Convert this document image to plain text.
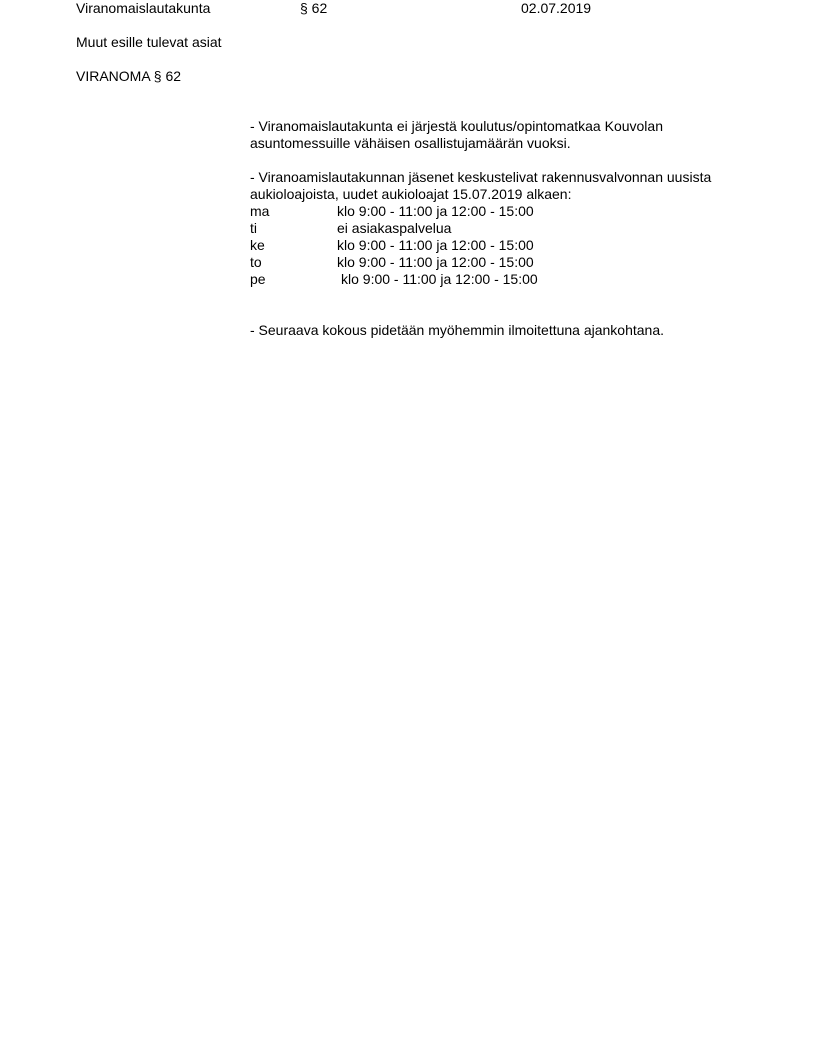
Viranomaislautakunta	§ 62	02.07.2019
Muut esille tulevat asiat
VIRANOMA § 62
- Viranomaislautakunta ei järjestä koulutus/opintomatkaa Kouvolan
asuntomessuille vähäisen osallistujamäärän vuoksi.
- Viranoamislautakunnan jäsenet keskustelivat rakennusvalvonnan uusista
aukioloajoista, uudet aukioloajat 15.07.2019 alkaen:
ma	klo 9:00 - 11:00 ja 12:00 - 15:00
ti	ei asiakaspalvelua
ke	klo 9:00 - 11:00 ja 12:00 - 15:00
to	klo 9:00 - 11:00 ja 12:00 - 15:00
pe	klo 9:00 - 11:00 ja 12:00 - 15:00
- Seuraava kokous pidetään myöhemmin ilmoitettuna ajankohtana.
